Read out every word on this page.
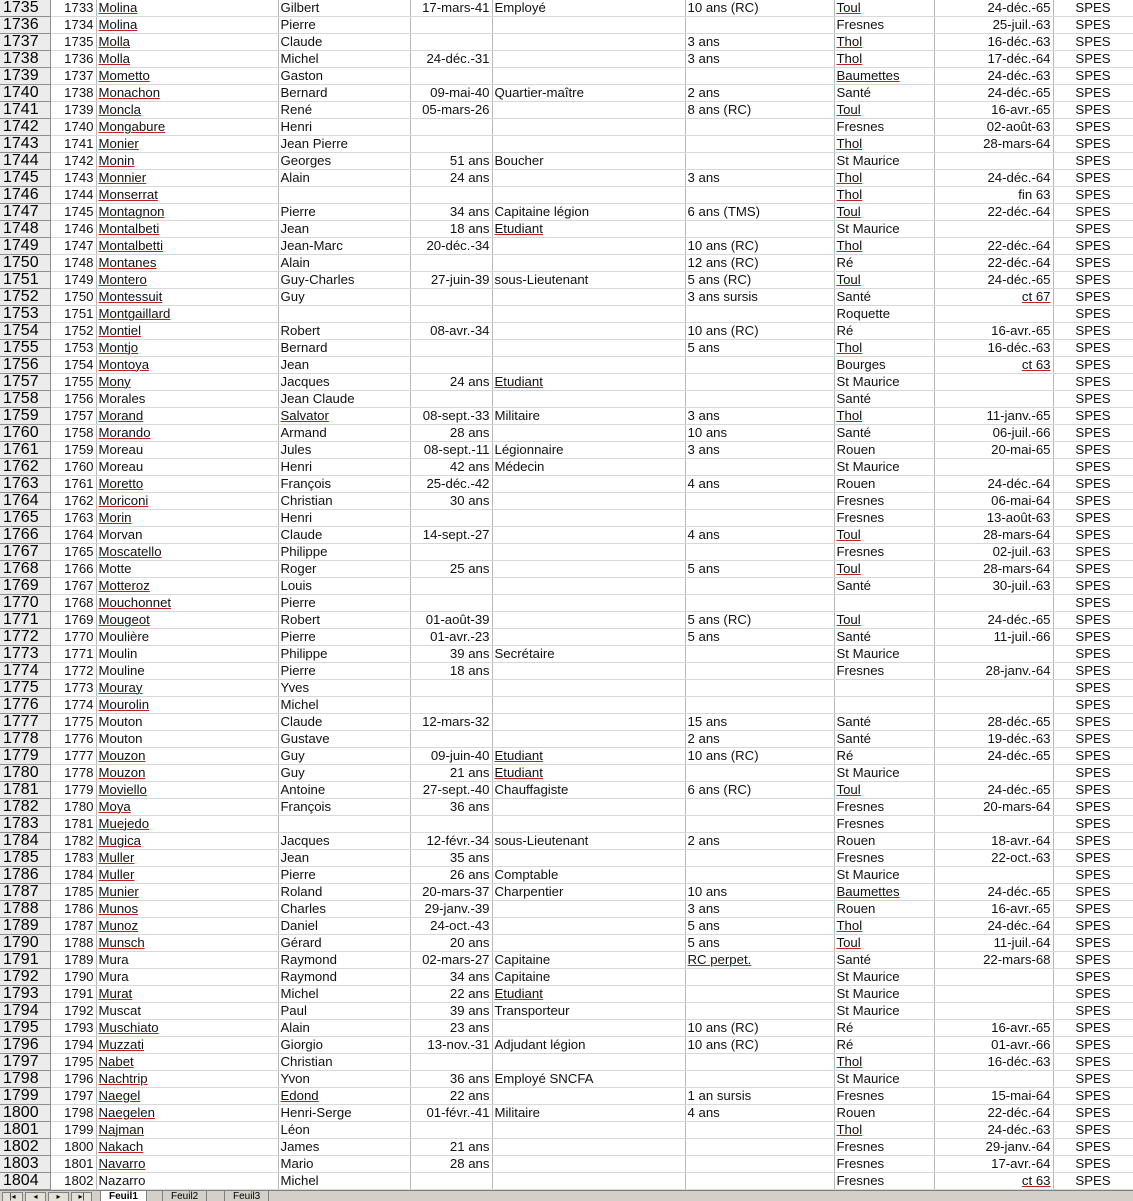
1735	1733	Molina	Gilbert	17-mars-41	Employé	10 ans (RC)	Toul	24-déc.-65	SPES
1736	1734	Molina	Pierre				Fresnes	25-juil.-63	SPES
1737	1735	Molla	Claude			3 ans	Thol	16-déc.-63	SPES
1738	1736	Molla	Michel	24-déc.-31		3 ans	Thol	17-déc.-64	SPES
1739	1737	Mometto	Gaston				Baumettes	24-déc.-63	SPES
1740	1738	Monachon	Bernard	09-mai-40	Quartier-maître	2 ans	Santé	24-déc.-65	SPES
1741	1739	Moncla	René	05-mars-26		8 ans (RC)	Toul	16-avr.-65	SPES
1742	1740	Mongabure	Henri				Fresnes	02-août-63	SPES
1743	1741	Monier	Jean Pierre				Thol	28-mars-64	SPES
1744	1742	Monin	Georges	51 ans	Boucher		St Maurice		SPES
1745	1743	Monnier	Alain	24 ans		3 ans	Thol	24-déc.-64	SPES
1746	1744	Monserrat					Thol	fin 63	SPES
1747	1745	Montagnon	Pierre	34 ans	Capitaine légion	6 ans (TMS)	Toul	22-déc.-64	SPES
1748	1746	Montalbeti	Jean	18 ans	Etudiant		St Maurice		SPES
1749	1747	Montalbetti	Jean-Marc	20-déc.-34		10 ans (RC)	Thol	22-déc.-64	SPES
1750	1748	Montanes	Alain			12 ans (RC)	Ré	22-déc.-64	SPES
1751	1749	Montero	Guy-Charles	27-juin-39	sous-Lieutenant	5 ans (RC)	Toul	24-déc.-65	SPES
1752	1750	Montessuit	Guy			3 ans sursis	Santé	ct 67	SPES
1753	1751	Montgaillard					Roquette		SPES
1754	1752	Montiel	Robert	08-avr.-34		10 ans (RC)	Ré	16-avr.-65	SPES
1755	1753	Montjo	Bernard			5 ans	Thol	16-déc.-63	SPES
1756	1754	Montoya	Jean				Bourges	ct 63	SPES
1757	1755	Mony	Jacques	24 ans	Etudiant		St Maurice		SPES
1758	1756	Morales	Jean Claude				Santé		SPES
1759	1757	Morand	Salvator	08-sept.-33	Militaire	3 ans	Thol	11-janv.-65	SPES
1760	1758	Morando	Armand	28 ans		10 ans	Santé	06-juil.-66	SPES
1761	1759	Moreau	Jules	08-sept.-11	Légionnaire	3 ans	Rouen	20-mai-65	SPES
1762	1760	Moreau	Henri	42 ans	Médecin		St Maurice		SPES
1763	1761	Moretto	François	25-déc.-42		4 ans	Rouen	24-déc.-64	SPES
1764	1762	Moriconi	Christian	30 ans			Fresnes	06-mai-64	SPES
1765	1763	Morin	Henri				Fresnes	13-août-63	SPES
1766	1764	Morvan	Claude	14-sept.-27		4 ans	Toul	28-mars-64	SPES
1767	1765	Moscatello	Philippe				Fresnes	02-juil.-63	SPES
1768	1766	Motte	Roger	25 ans		5 ans	Toul	28-mars-64	SPES
1769	1767	Motteroz	Louis				Santé	30-juil.-63	SPES
1770	1768	Mouchonnet	Pierre						SPES
1771	1769	Mougeot	Robert	01-août-39		5 ans (RC)	Toul	24-déc.-65	SPES
1772	1770	Moulière	Pierre	01-avr.-23		5 ans	Santé	11-juil.-66	SPES
1773	1771	Moulin	Philippe	39 ans	Secrétaire		St Maurice		SPES
1774	1772	Mouline	Pierre	18 ans			Fresnes	28-janv.-64	SPES
1775	1773	Mouray	Yves						SPES
1776	1774	Mourolin	Michel						SPES
1777	1775	Mouton	Claude	12-mars-32		15 ans	Santé	28-déc.-65	SPES
1778	1776	Mouton	Gustave			2 ans	Santé	19-déc.-63	SPES
1779	1777	Mouzon	Guy	09-juin-40	Etudiant	10 ans (RC)	Ré	24-déc.-65	SPES
1780	1778	Mouzon	Guy	21 ans	Etudiant		St Maurice		SPES
1781	1779	Moviello	Antoine	27-sept.-40	Chauffagiste	6 ans (RC)	Toul	24-déc.-65	SPES
1782	1780	Moya	François	36 ans			Fresnes	20-mars-64	SPES
1783	1781	Muejedo					Fresnes		SPES
1784	1782	Mugica	Jacques	12-févr.-34	sous-Lieutenant	2 ans	Rouen	18-avr.-64	SPES
1785	1783	Muller	Jean	35 ans			Fresnes	22-oct.-63	SPES
1786	1784	Muller	Pierre	26 ans	Comptable		St Maurice		SPES
1787	1785	Munier	Roland	20-mars-37	Charpentier	10 ans	Baumettes	24-déc.-65	SPES
1788	1786	Munos	Charles	29-janv.-39		3 ans	Rouen	16-avr.-65	SPES
1789	1787	Munoz	Daniel	24-oct.-43		5 ans	Thol	24-déc.-64	SPES
1790	1788	Munsch	Gérard	20 ans		5 ans	Toul	11-juil.-64	SPES
1791	1789	Mura	Raymond	02-mars-27	Capitaine	RC perpet.	Santé	22-mars-68	SPES
1792	1790	Mura	Raymond	34 ans	Capitaine		St Maurice		SPES
1793	1791	Murat	Michel	22 ans	Etudiant		St Maurice		SPES
1794	1792	Muscat	Paul	39 ans	Transporteur		St Maurice		SPES
1795	1793	Muschiato	Alain	23 ans		10 ans (RC)	Ré	16-avr.-65	SPES
1796	1794	Muzzati	Giorgio	13-nov.-31	Adjudant légion	10 ans (RC)	Ré	01-avr.-66	SPES
1797	1795	Nabet	Christian				Thol	16-déc.-63	SPES
1798	1796	Nachtrip	Yvon	36 ans	Employé SNCFA		St Maurice		SPES
1799	1797	Naegel	Edond	22 ans		1 an sursis	Fresnes	15-mai-64	SPES
1800	1798	Naegelen	Henri-Serge	01-févr.-41	Militaire	4 ans	Rouen	22-déc.-64	SPES
1801	1799	Najman	Léon				Thol	24-déc.-63	SPES
1802	1800	Nakach	James	21 ans			Fresnes	29-janv.-64	SPES
1803	1801	Navarro	Mario	28 ans			Fresnes	17-avr.-64	SPES
1804	1802	Nazarro	Michel				Fresnes	ct 63	SPES
|◂	◂	▸	▸|	Feuil1	Feuil2	Feuil3
